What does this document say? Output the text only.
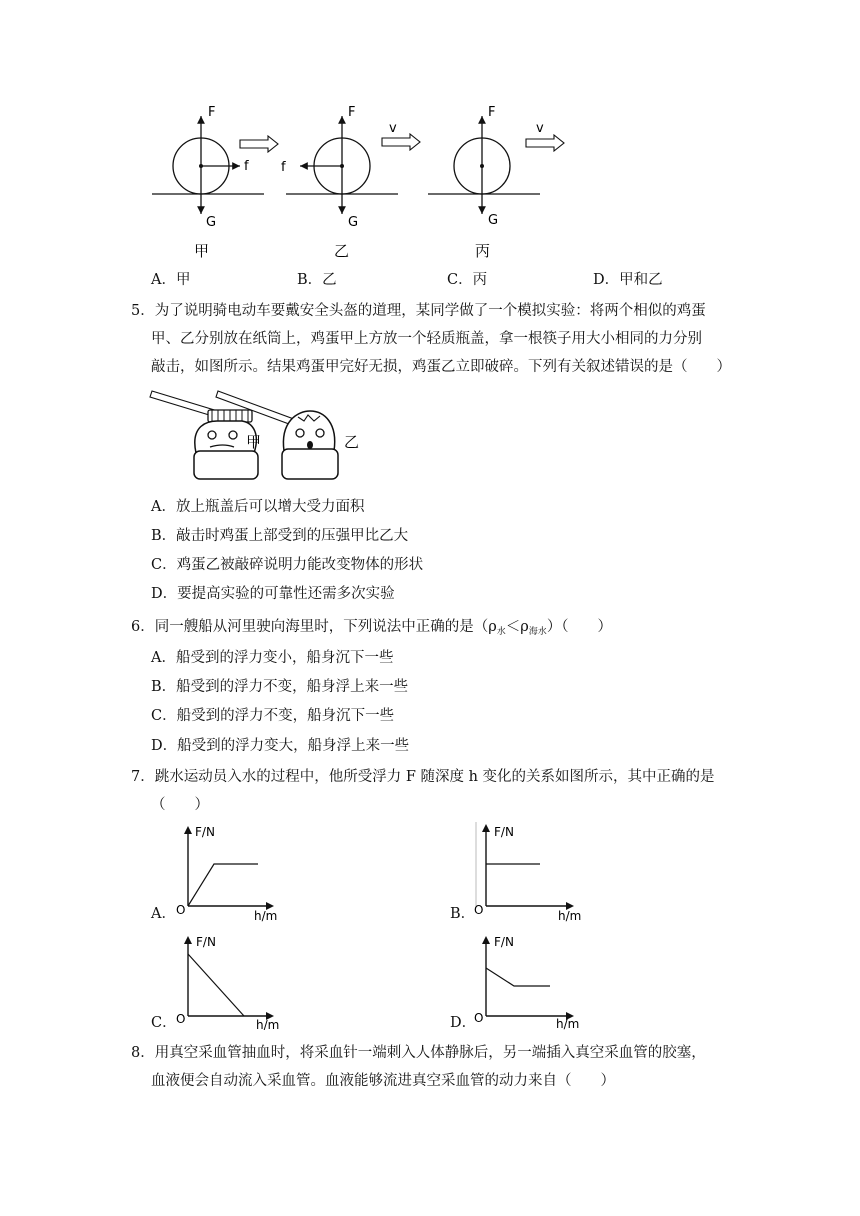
F
G
f
甲
F
G
f
v
乙
F
G
v
丙
A．甲	B．乙	C．丙	D．甲和乙
5．为了说明骑电动车要戴安全头盔的道理，某同学做了一个模拟实验：将两个相似的鸡蛋
甲、乙分别放在纸筒上，鸡蛋甲上方放一个轻质瓶盖，拿一根筷子用大小相同的力分别
敲击，如图所示。结果鸡蛋甲完好无损，鸡蛋乙立即破碎。下列有关叙述错误的是（　　）
甲	乙
A．放上瓶盖后可以增大受力面积
B．敲击时鸡蛋上部受到的压强甲比乙大
C．鸡蛋乙被敲碎说明力能改变物体的形状
D．要提高实验的可靠性还需多次实验
6．同一艘船从河里驶向海里时，下列说法中正确的是$(\rho_水<\rho_{海水})$（　　）
A．船受到的浮力变小，船身沉下一些
B．船受到的浮力不变，船身浮上来一些
C．船受到的浮力不变，船身沉下一些
D．船受到的浮力变大，船身浮上来一些
7．跳水运动员入水的过程中，他所受浮力 F 随深度 h 变化的关系如图所示，其中正确的是
（　　）
A．
F/N
h/m
O	B．
F/N
h/m
O
C．
F/N
h/m
O	D．
F/N
h/m
O
8．用真空采血管抽血时，将采血针一端刺入人体静脉后，另一端插入真空采血管的胶塞，
血液便会自动流入采血管。血液能够流进真空采血管的动力来自（　　）
